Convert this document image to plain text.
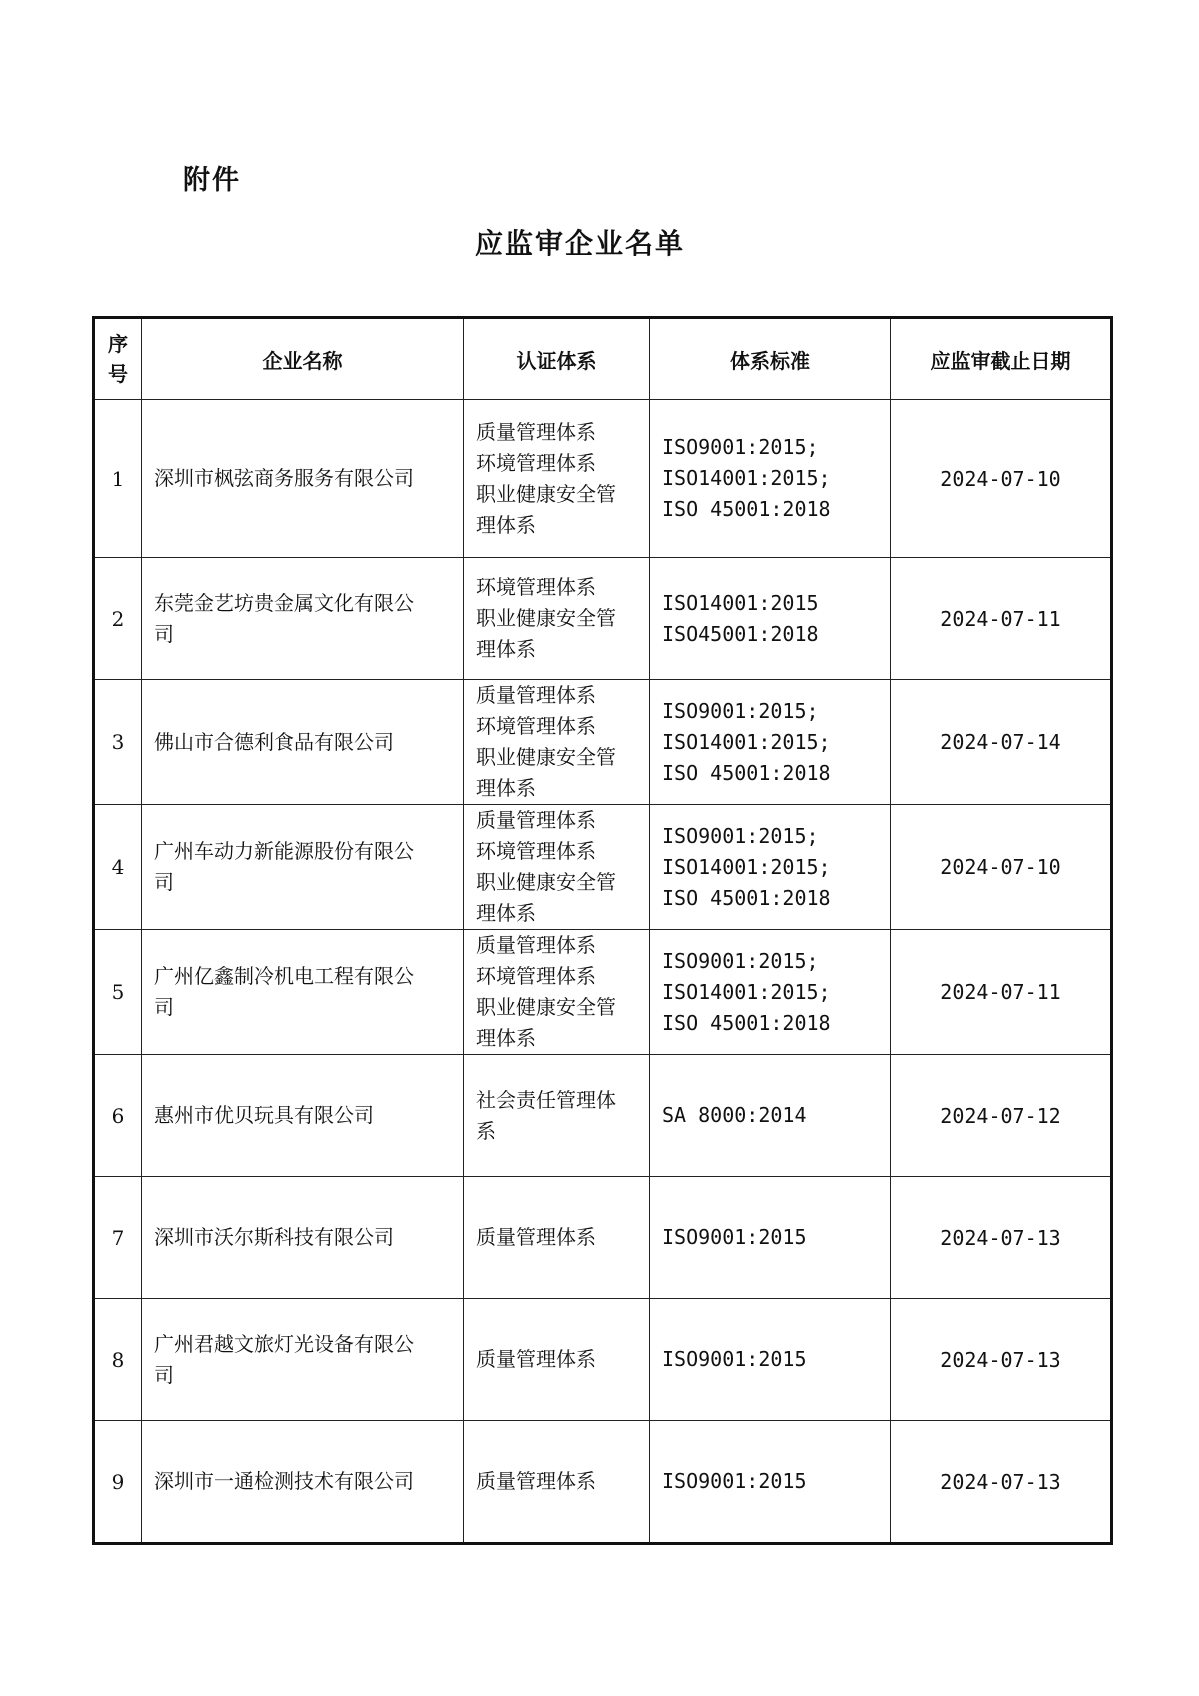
附件
应监审企业名单
序
号	企业名称	认证体系	体系标准	应监审截止日期
1	深圳市枫弦商务服务有限公司	质量管理体系
环境管理体系
职业健康安全管
理体系	ISO9001:2015;
ISO14001:2015;
ISO 45001:2018	2024-07-10
2	东莞金艺坊贵金属文化有限公
司	环境管理体系
职业健康安全管
理体系	ISO14001:2015
ISO45001:2018	2024-07-11
3	佛山市合德利食品有限公司	质量管理体系
环境管理体系
职业健康安全管
理体系	ISO9001:2015;
ISO14001:2015;
ISO 45001:2018	2024-07-14
4	广州车动力新能源股份有限公
司	质量管理体系
环境管理体系
职业健康安全管
理体系	ISO9001:2015;
ISO14001:2015;
ISO 45001:2018	2024-07-10
5	广州亿鑫制冷机电工程有限公
司	质量管理体系
环境管理体系
职业健康安全管
理体系	ISO9001:2015;
ISO14001:2015;
ISO 45001:2018	2024-07-11
6	惠州市优贝玩具有限公司	社会责任管理体
系	SA 8000:2014	2024-07-12
7	深圳市沃尔斯科技有限公司	质量管理体系	ISO9001:2015	2024-07-13
8	广州君越文旅灯光设备有限公
司	质量管理体系	ISO9001:2015	2024-07-13
9	深圳市一通检测技术有限公司	质量管理体系	ISO9001:2015	2024-07-13
